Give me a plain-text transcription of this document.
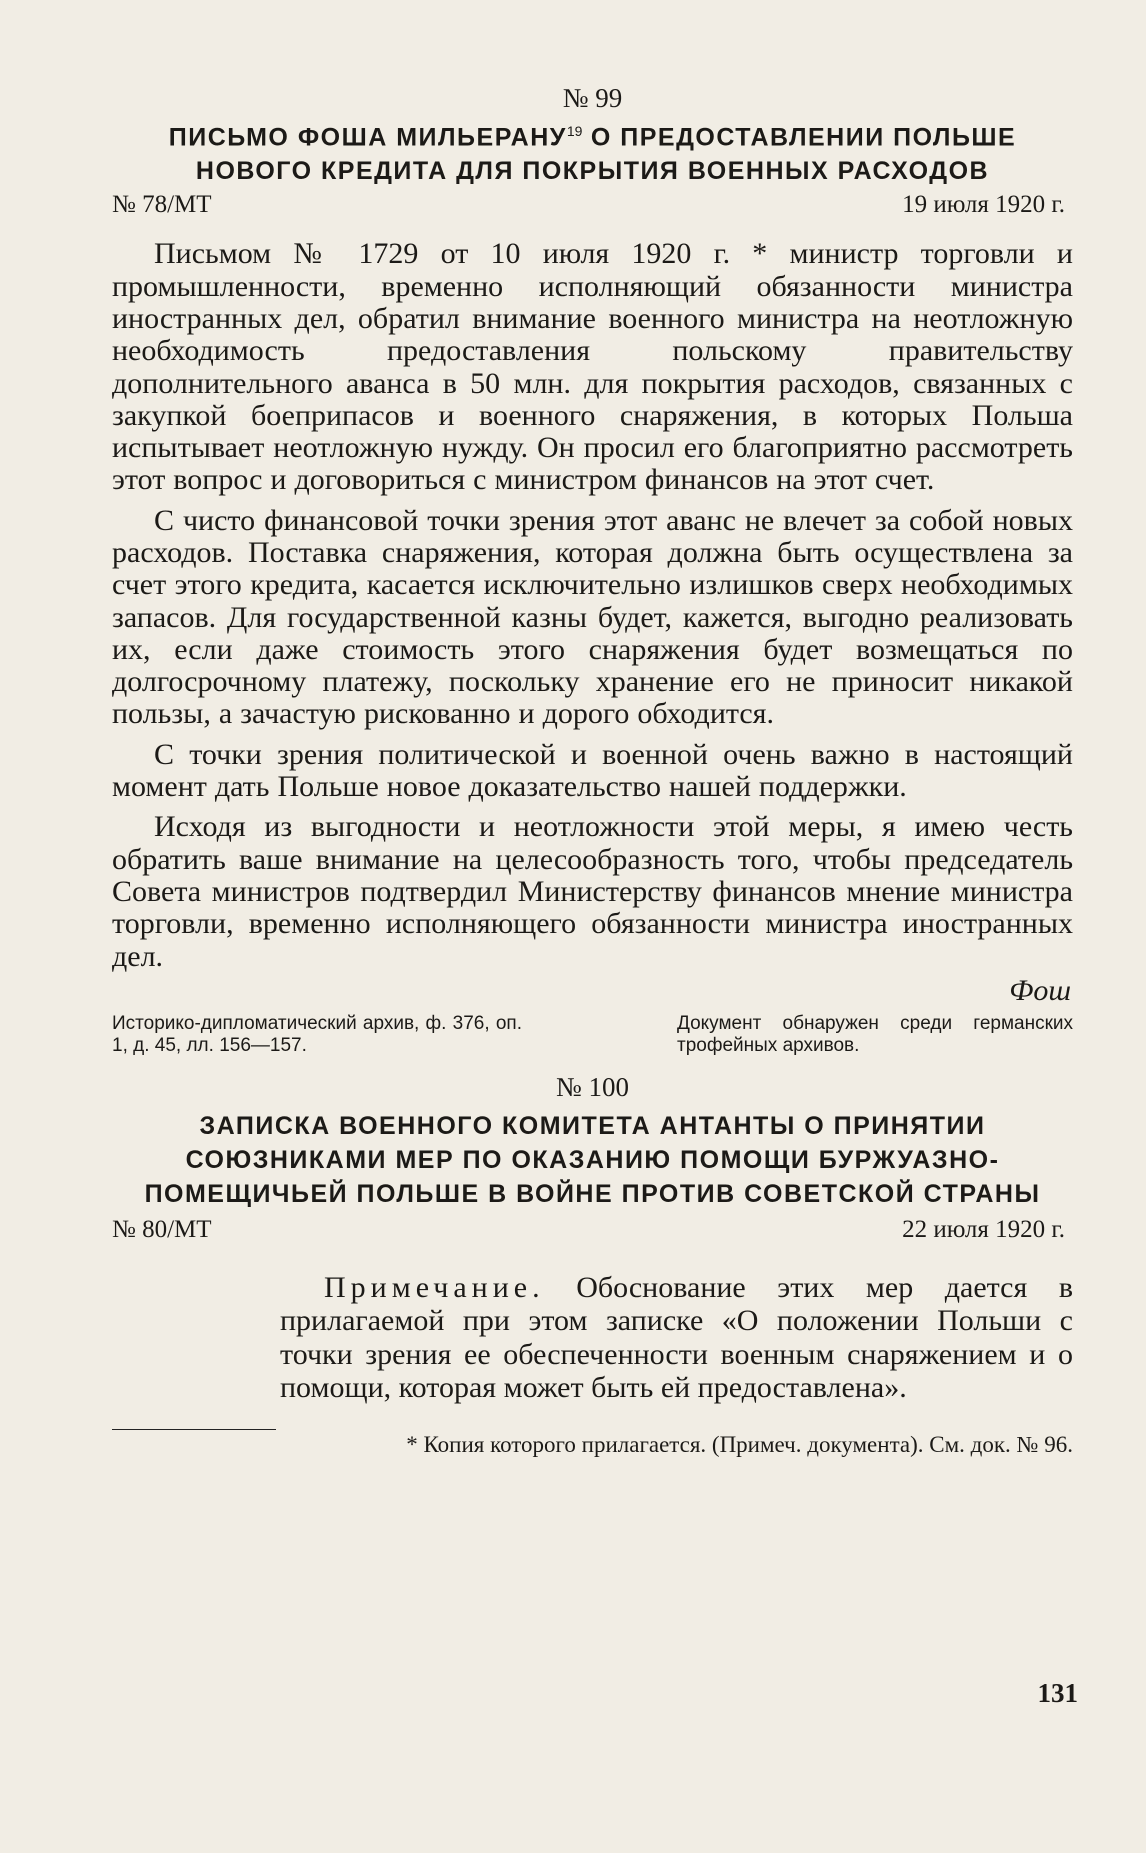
№ 99
ПИСЬМО ФОША МИЛЬЕРАНУ$^{19}$ О ПРЕДОСТАВЛЕНИИ ПОЛЬШЕ
НОВОГО КРЕДИТА ДЛЯ ПОКРЫТИЯ ВОЕННЫХ РАСХОДОВ
№ 78/МТ	19 июля 1920 г.

Письмом № 1729 от 10 июля 1920 г. * министр торговли и промышленности, временно исполняющий обязанности министра иностранных дел, обратил внимание военного министра на неотложную необходимость предоставления польскому правительству дополнительного аванса в 50 млн. для покрытия расходов, связанных с закупкой боеприпасов и военного снаряжения, в которых Польша испытывает неотложную нужду. Он просил его благоприятно рассмотреть этот вопрос и договориться с министром финансов на этот счет.

С чисто финансовой точки зрения этот аванс не влечет за собой новых расходов. Поставка снаряжения, которая должна быть осуществлена за счет этого кредита, касается исключительно излишков сверх необходимых запасов. Для государственной казны будет, кажется, выгодно реализовать их, если даже стоимость этого снаряжения будет возмещаться по долгосрочному платежу, поскольку хранение его не приносит никакой пользы, а зачастую рискованно и дорого обходится.

С точки зрения политической и военной очень важно в настоящий момент дать Польше новое доказательство нашей поддержки.

Исходя из выгодности и неотложности этой меры, я имею честь обратить ваше внимание на целесообразность того, чтобы председатель Совета министров подтвердил Министерству финансов мнение министра торговли, временно исполняющего обязанности министра иностранных дел.

Фош
Историко-дипломатический архив, ф. 376, оп. 1, д. 45, лл. 156—157.
Документ обнаружен среди германских трофейных архивов.
№ 100
ЗАПИСКА ВОЕННОГО КОМИТЕТА АНТАНТЫ О ПРИНЯТИИ
СОЮЗНИКАМИ МЕР ПО ОКАЗАНИЮ ПОМОЩИ БУРЖУАЗНО-
ПОМЕЩИЧЬЕЙ ПОЛЬШЕ В ВОЙНЕ ПРОТИВ СОВЕТСКОЙ СТРАНЫ
№ 80/МТ	22 июля 1920 г.
Примечание. Обоснование этих мер дается в прилагаемой при этом записке «О положении Польши с точки зрения ее обеспеченности военным снаряжением и о помощи, которая может быть ей предоставлена».
* Копия которого прилагается. (Примеч. документа). См. док. № 96.
131
